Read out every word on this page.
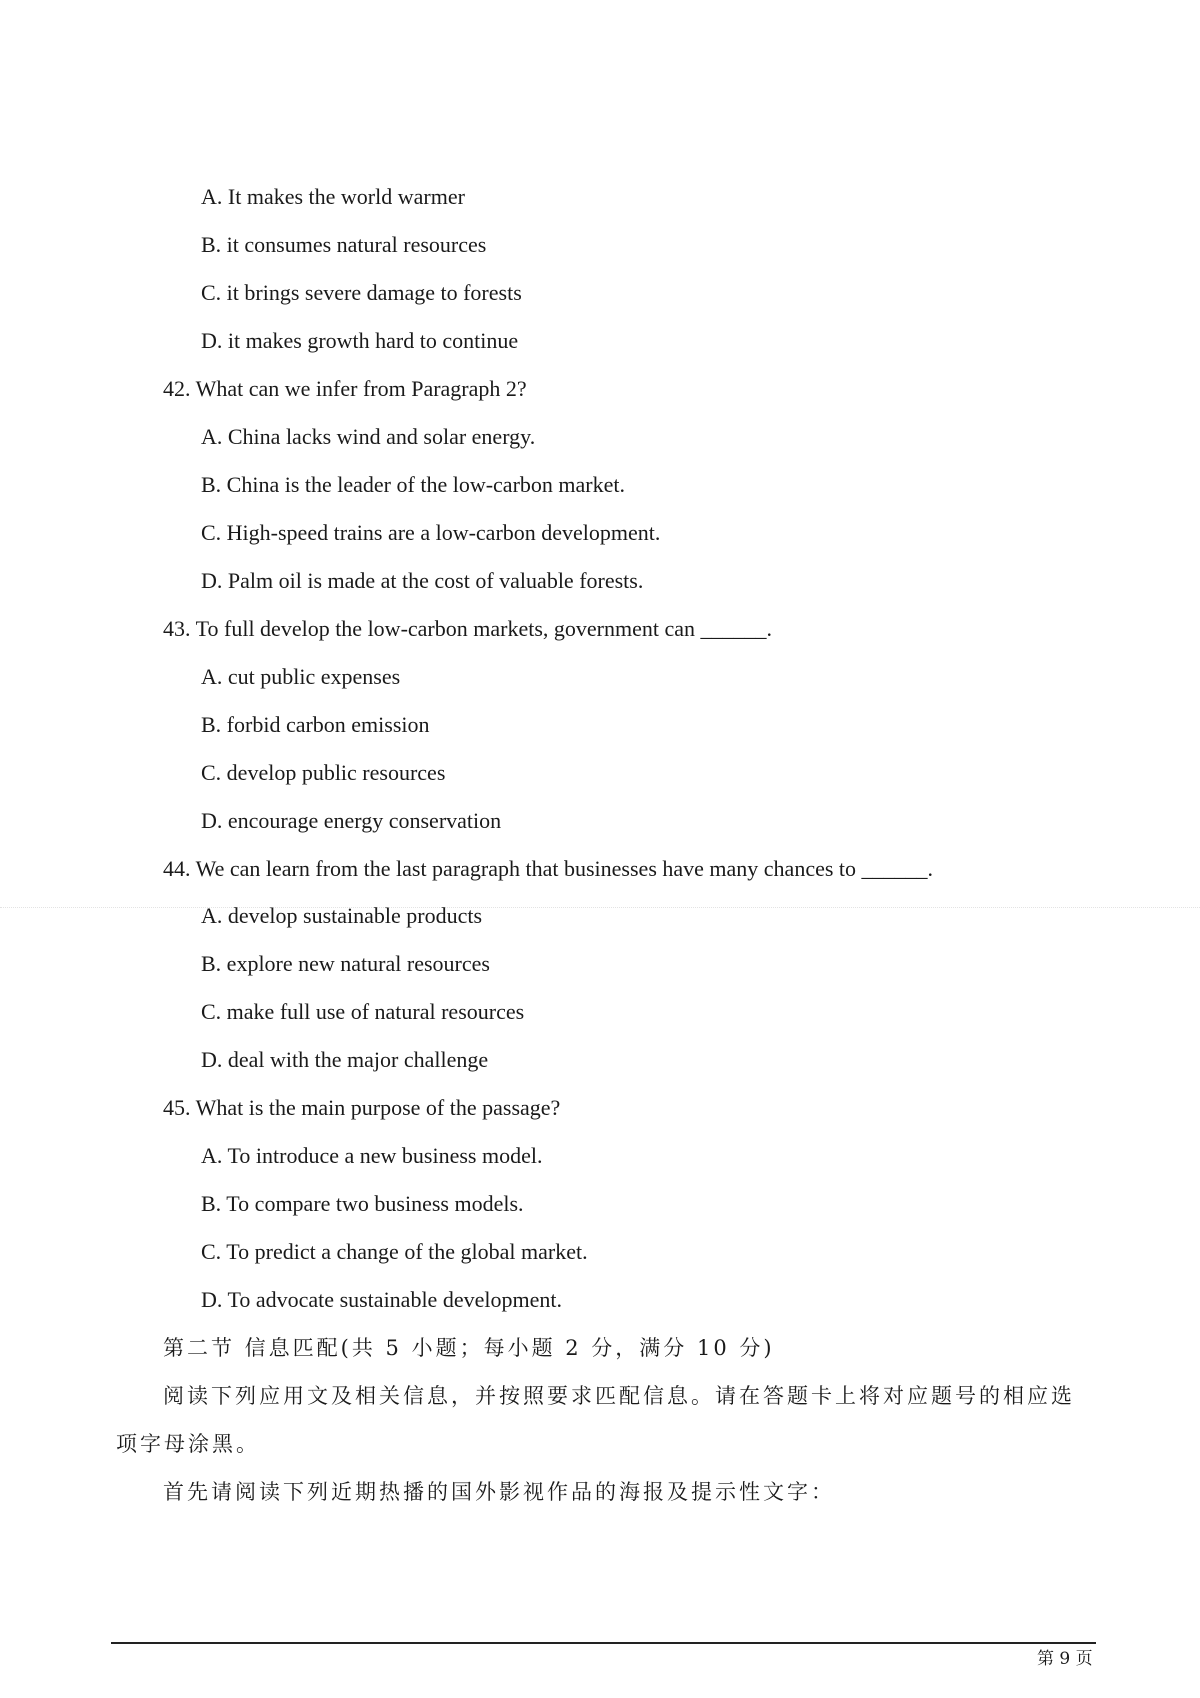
A. It makes the world warmer
B. it consumes natural resources
C. it brings severe damage to forests
D. it makes growth hard to continue
42. What can we infer from Paragraph 2?
A. China lacks wind and solar energy.
B. China is the leader of the low-carbon market.
C. High-speed trains are a low-carbon development.
D. Palm oil is made at the cost of valuable forests.
43. To full develop the low-carbon markets, government can ______.
A. cut public expenses
B. forbid carbon emission
C. develop public resources
D. encourage energy conservation
44. We can learn from the last paragraph that businesses have many chances to ______.
A. develop sustainable products
B. explore new natural resources
C. make full use of natural resources
D. deal with the major challenge
45. What is the main purpose of the passage?
A. To introduce a new business model.
B. To compare two business models.
C. To predict a change of the global market.
D. To advocate sustainable development.
第二节 信息匹配(共 5 小题；每小题 2 分，满分 10 分)
阅读下列应用文及相关信息，并按照要求匹配信息。请在答题卡上将对应题号的相应选
项字母涂黑。
首先请阅读下列近期热播的国外影视作品的海报及提示性文字：
第 9 页
